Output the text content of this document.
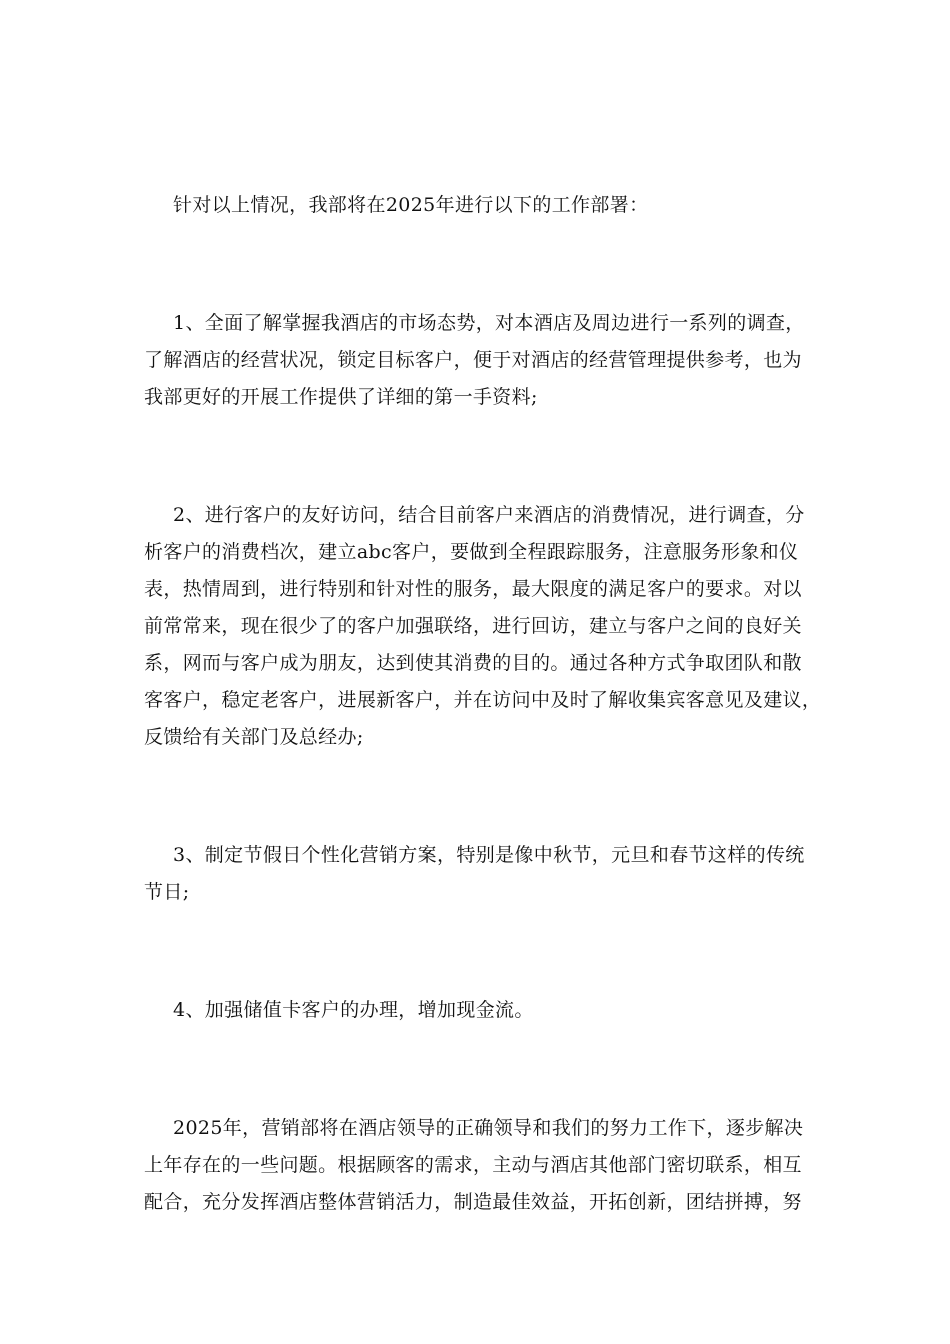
针对以上情况，我部将在2025年进行以下的工作部署：
1、全面了解掌握我酒店的市场态势，对本酒店及周边进行一系列的调查，
了解酒店的经营状况，锁定目标客户，便于对酒店的经营管理提供参考，也为
我部更好的开展工作提供了详细的第一手资料;
2、进行客户的友好访问，结合目前客户来酒店的消费情况，进行调查，分
析客户的消费档次，建立abc客户，要做到全程跟踪服务，注意服务形象和仪
表，热情周到，进行特别和针对性的服务，最大限度的满足客户的要求。对以
前常常来，现在很少了的客户加强联络，进行回访，建立与客户之间的良好关
系，网而与客户成为朋友，达到使其消费的目的。通过各种方式争取团队和散
客客户，稳定老客户，进展新客户，并在访问中及时了解收集宾客意见及建议，
反馈给有关部门及总经办;
3、制定节假日个性化营销方案，特别是像中秋节，元旦和春节这样的传统
节日;
4、加强储值卡客户的办理，增加现金流。
2025年，营销部将在酒店领导的正确领导和我们的努力工作下，逐步解决
上年存在的一些问题。根据顾客的需求，主动与酒店其他部门密切联系，相互
配合，充分发挥酒店整体营销活力，制造最佳效益，开拓创新，团结拼搏，努
